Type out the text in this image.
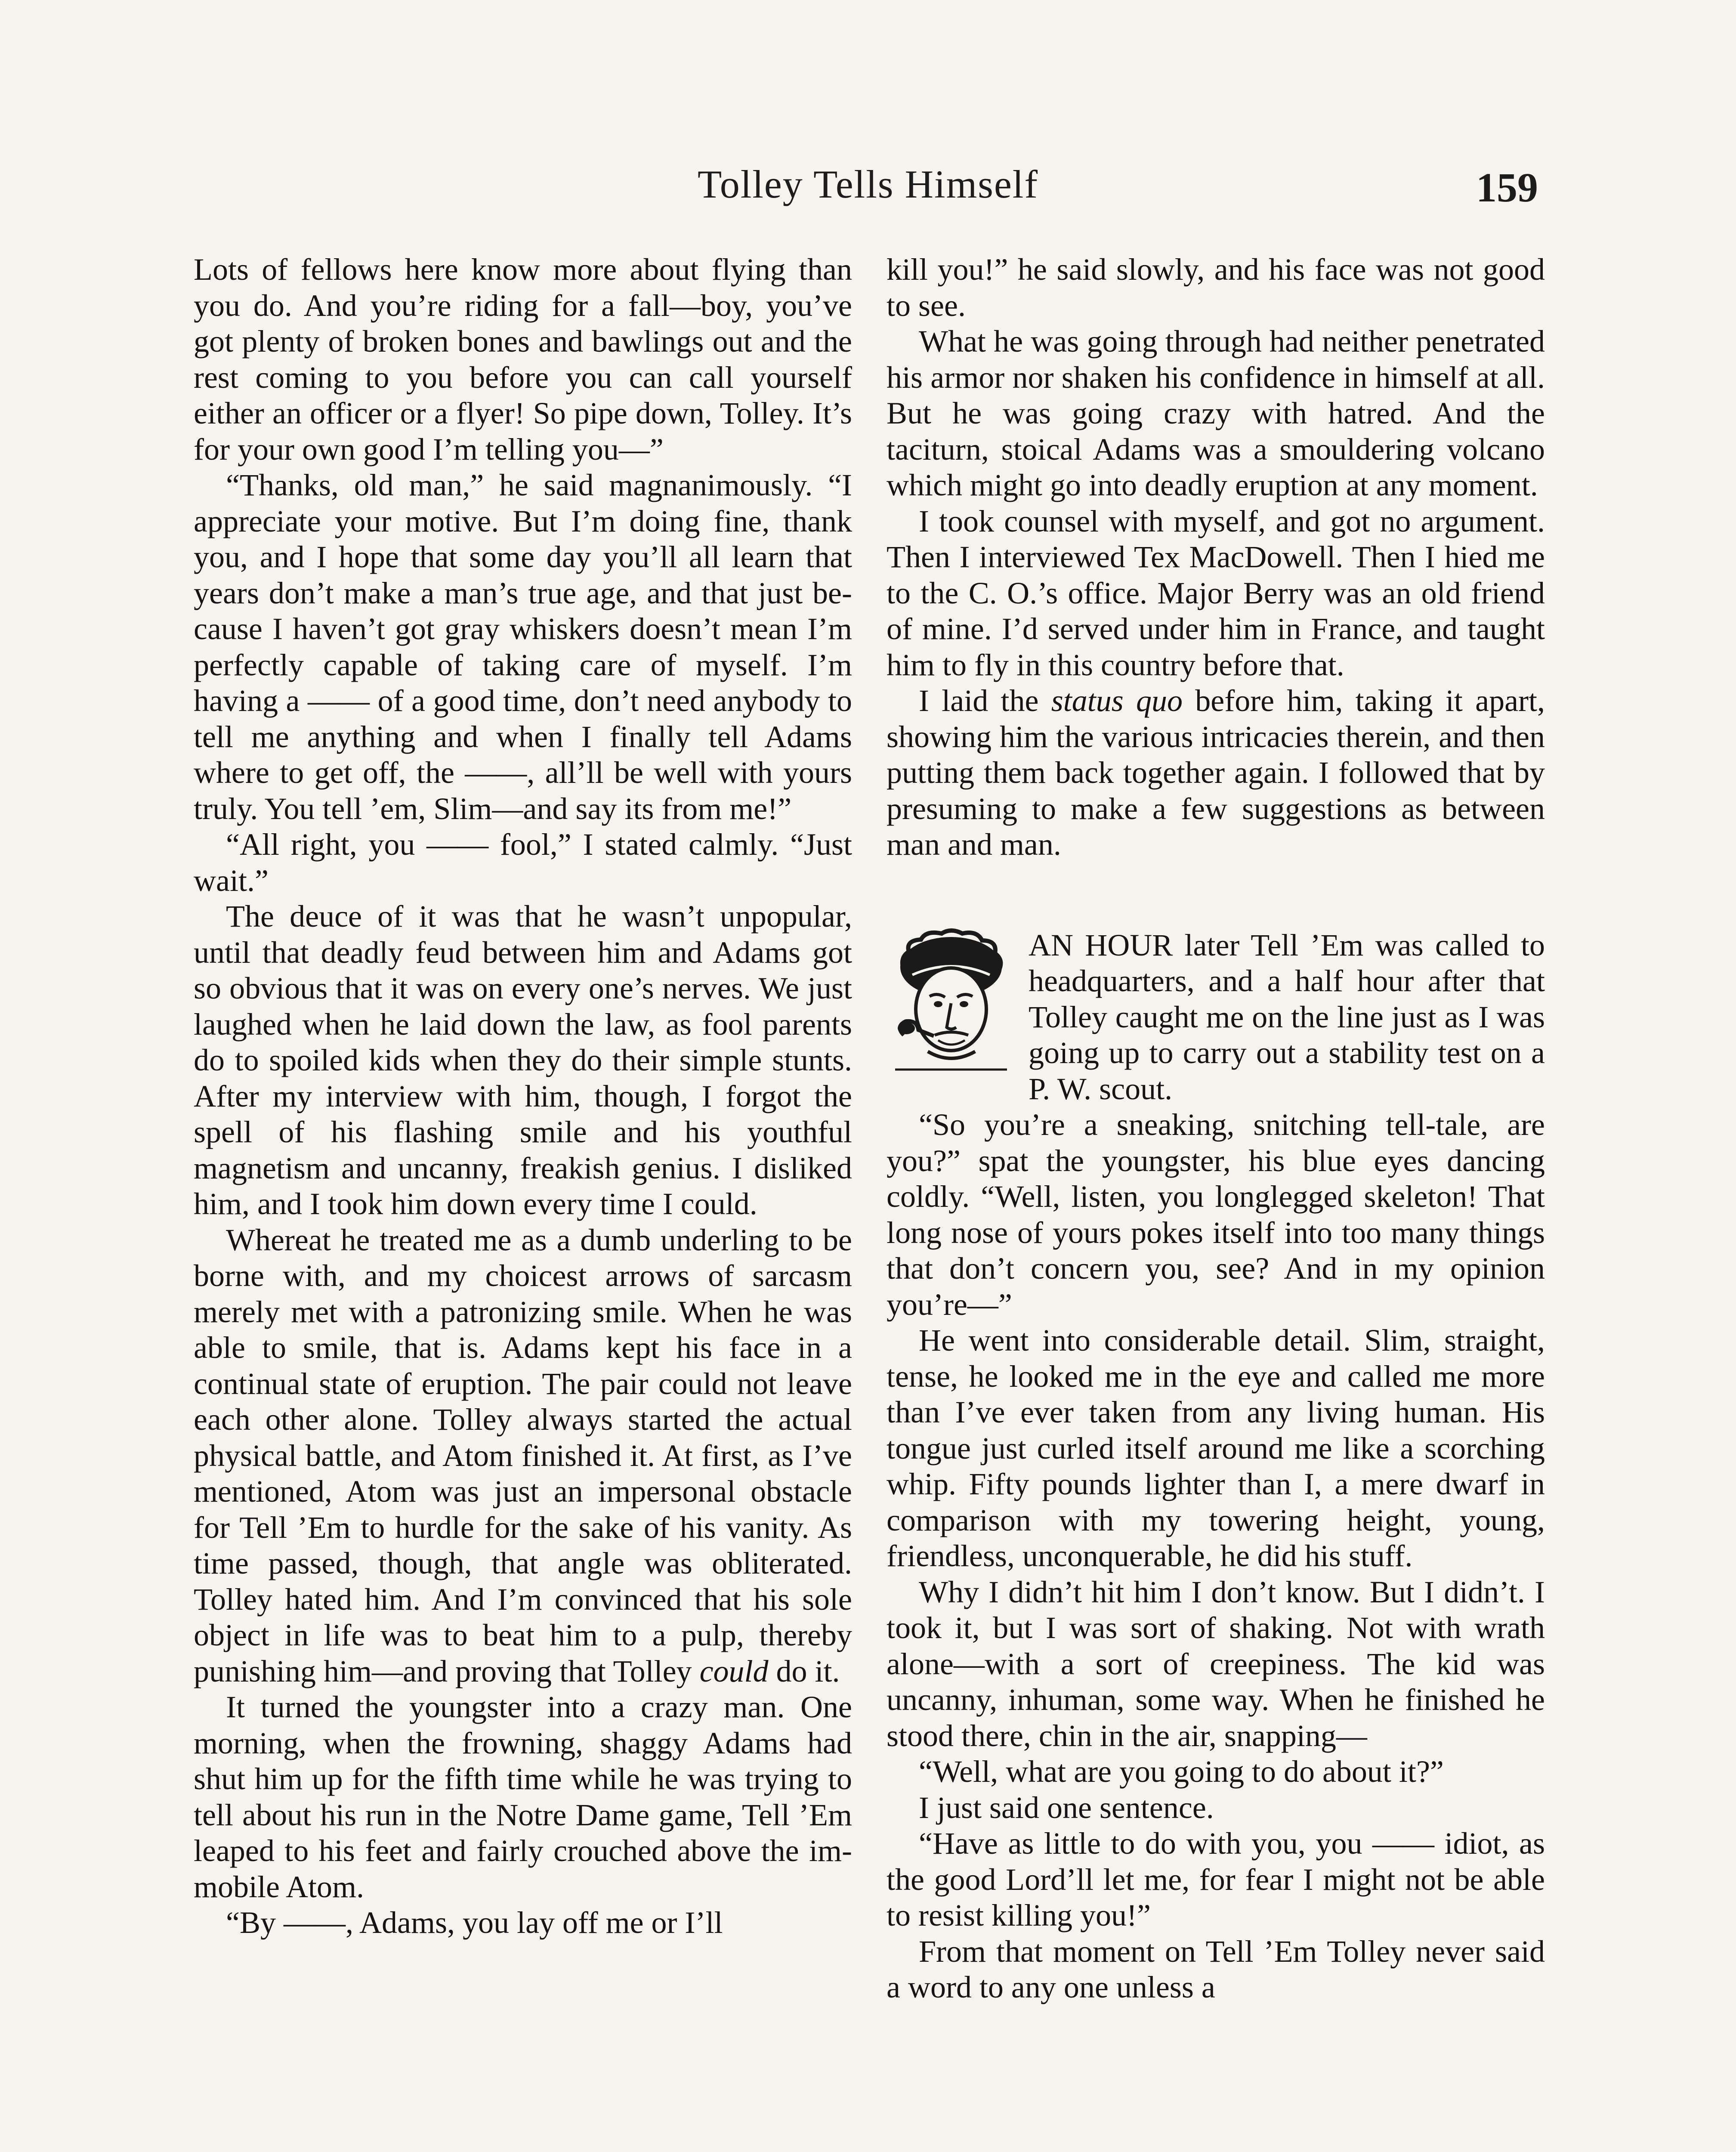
Tolley Tells Himself	159

Lots of fellows here know more about flying than you do. And you’re riding for a fall—boy, you’ve got plenty of broken bones and bawlings out and the rest coming to you before you can call yourself either an officer or a flyer! So pipe down, Tolley. It’s for your own good I’m telling you—”

“Thanks, old man,” he said magnanimously. “I appreciate your motive. But I’m doing fine, thank you, and I hope that some day you’ll all learn that years don’t make a man’s true age, and that just because I haven’t got gray whiskers doesn’t mean I’m perfectly capable of taking care of myself. I’m having a —— of a good time, don’t need anybody to tell me anything and when I finally tell Adams where to get off, the ——, all’ll be well with yours truly. You tell ’em, Slim—and say its from me!”

“All right, you —— fool,” I stated calmly. “Just wait.”

The deuce of it was that he wasn’t unpopular, until that deadly feud between him and Adams got so obvious that it was on every one’s nerves. We just laughed when he laid down the law, as fool parents do to spoiled kids when they do their simple stunts. After my interview with him, though, I forgot the spell of his flashing smile and his youthful magnetism and uncanny, freakish genius. I disliked him, and I took him down every time I could.

Whereat he treated me as a dumb underling to be borne with, and my choicest arrows of sarcasm merely met with a patronizing smile. When he was able to smile, that is. Adams kept his face in a continual state of eruption. The pair could not leave each other alone. Tolley always started the actual physical battle, and Atom finished it. At first, as I’ve mentioned, Atom was just an impersonal obstacle for Tell ’Em to hurdle for the sake of his vanity. As time passed, though, that angle was obliterated. Tolley hated him. And I’m convinced that his sole object in life was to beat him to a pulp, thereby punishing him—and proving that Tolley could do it.

It turned the youngster into a crazy man. One morning, when the frowning, shaggy Adams had shut him up for the fifth time while he was trying to tell about his run in the Notre Dame game, Tell ’Em leaped to his feet and fairly crouched above the immobile Atom.

“By ——, Adams, you lay off me or I’ll

kill you!” he said slowly, and his face was not good to see.

What he was going through had neither penetrated his armor nor shaken his confidence in himself at all. But he was going crazy with hatred. And the taciturn, stoical Adams was a smouldering volcano which might go into deadly eruption at any moment.

I took counsel with myself, and got no argument. Then I interviewed Tex MacDowell. Then I hied me to the C. O.’s office. Major Berry was an old friend of mine. I’d served under him in France, and taught him to fly in this country before that.

I laid the status quo before him, taking it apart, showing him the various intricacies therein, and then putting them back together again. I followed that by presuming to make a few suggestions as between man and man.

AN HOUR later Tell ’Em was called to headquarters, and a half hour after that Tolley caught me on the line just as I was going up to carry out a stability test on a P. W. scout.

“So you’re a sneaking, snitching tell-tale, are you?” spat the youngster, his blue eyes dancing coldly. “Well, listen, you longlegged skeleton! That long nose of yours pokes itself into too many things that don’t concern you, see? And in my opinion you’re—”

He went into considerable detail. Slim, straight, tense, he looked me in the eye and called me more than I’ve ever taken from any living human. His tongue just curled itself around me like a scorching whip. Fifty pounds lighter than I, a mere dwarf in comparison with my towering height, young, friendless, unconquerable, he did his stuff.

Why I didn’t hit him I don’t know. But I didn’t. I took it, but I was sort of shaking. Not with wrath alone—with a sort of creepiness. The kid was uncanny, inhuman, some way. When he finished he stood there, chin in the air, snapping—

“Well, what are you going to do about it?”

I just said one sentence.

“Have as little to do with you, you —— idiot, as the good Lord’ll let me, for fear I might not be able to resist killing you!”

From that moment on Tell ’Em Tolley never said a word to any one unless a
